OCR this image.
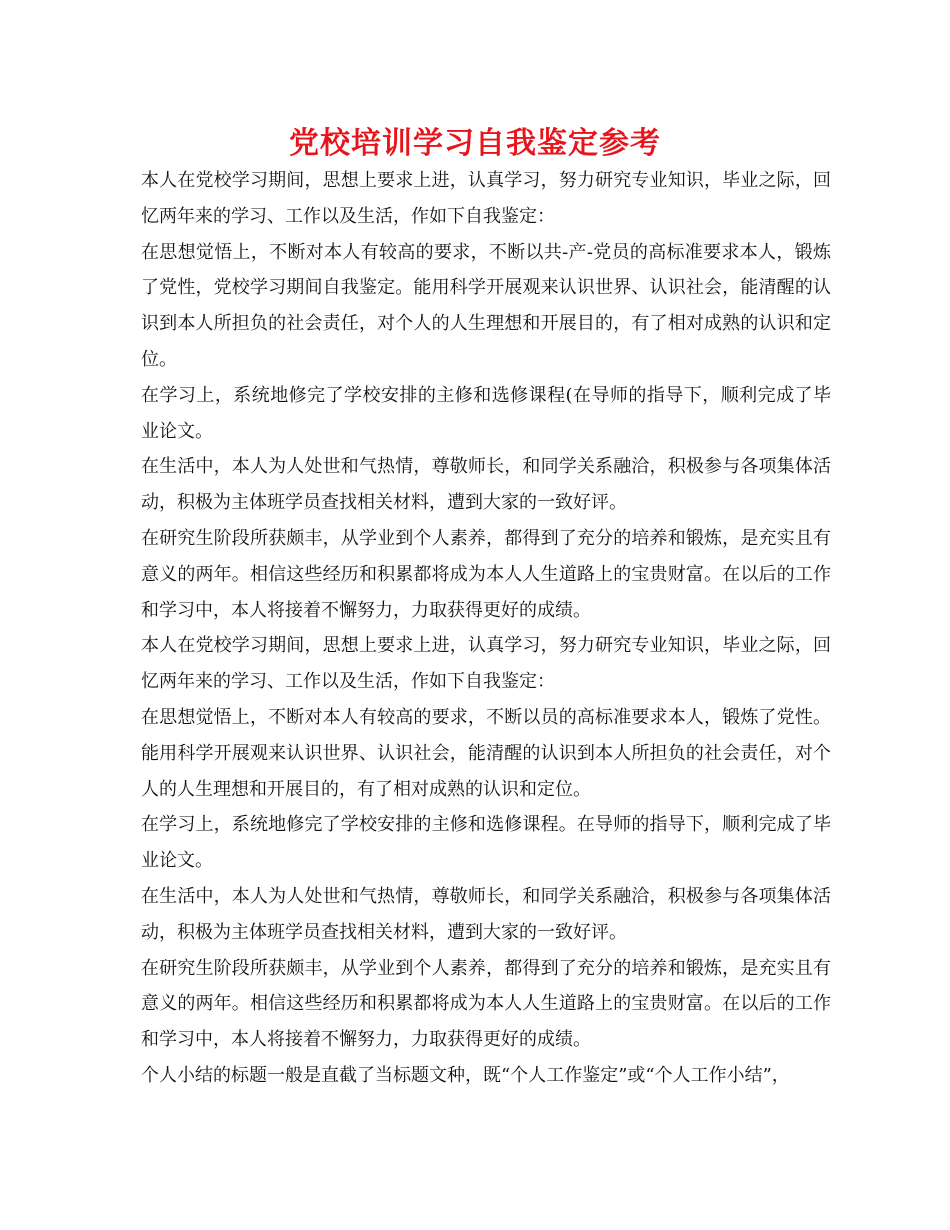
党校培训学习自我鉴定参考

本人在党校学习期间，思想上要求上进，认真学习，努力研究专业知识，毕业之际，回忆两年来的学习、工作以及生活，作如下自我鉴定：

在思想觉悟上，不断对本人有较高的要求，不断以共-产-党员的高标准要求本人，锻炼了党性，党校学习期间自我鉴定。能用科学开展观来认识世界、认识社会，能清醒的认识到本人所担负的社会责任，对个人的人生理想和开展目的，有了相对成熟的认识和定位。

在学习上，系统地修完了学校安排的主修和选修课程(在导师的指导下，顺利完成了毕业论文。

在生活中，本人为人处世和气热情，尊敬师长，和同学关系融洽，积极参与各项集体活动，积极为主体班学员查找相关材料，遭到大家的一致好评。

在研究生阶段所获颇丰，从学业到个人素养，都得到了充分的培养和锻炼，是充实且有意义的两年。相信这些经历和积累都将成为本人人生道路上的宝贵财富。在以后的工作和学习中，本人将接着不懈努力，力取获得更好的成绩。

本人在党校学习期间，思想上要求上进，认真学习，努力研究专业知识，毕业之际，回忆两年来的学习、工作以及生活，作如下自我鉴定：

在思想觉悟上，不断对本人有较高的要求，不断以员的高标准要求本人，锻炼了党性。能用科学开展观来认识世界、认识社会，能清醒的认识到本人所担负的社会责任，对个人的人生理想和开展目的，有了相对成熟的认识和定位。

在学习上，系统地修完了学校安排的主修和选修课程。在导师的指导下，顺利完成了毕业论文。

在生活中，本人为人处世和气热情，尊敬师长，和同学关系融洽，积极参与各项集体活动，积极为主体班学员查找相关材料，遭到大家的一致好评。

在研究生阶段所获颇丰，从学业到个人素养，都得到了充分的培养和锻炼，是充实且有意义的两年。相信这些经历和积累都将成为本人人生道路上的宝贵财富。在以后的工作和学习中，本人将接着不懈努力，力取获得更好的成绩。

个人小结的标题一般是直截了当标题文种，既“个人工作鉴定”或“个人工作小结”，
